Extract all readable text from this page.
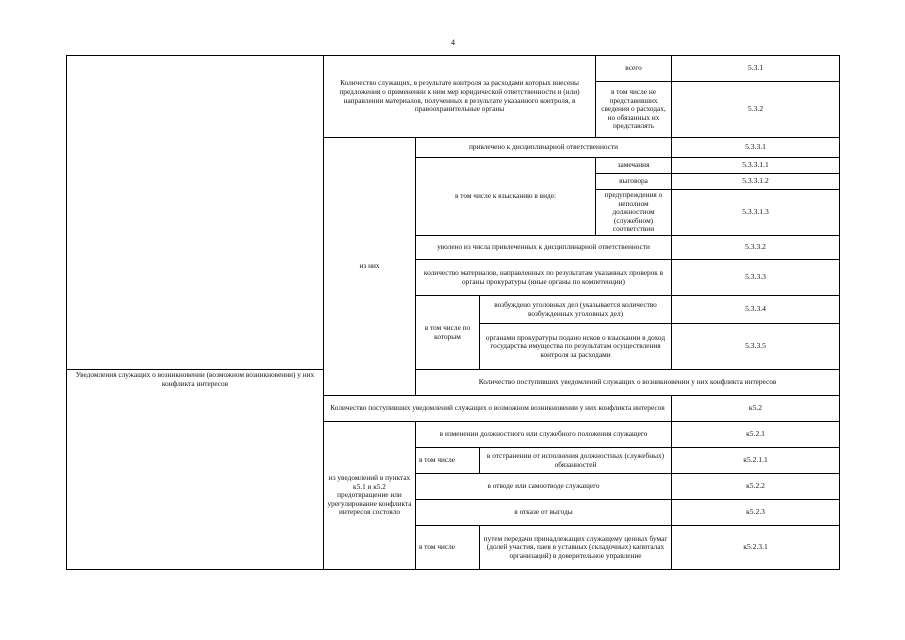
4
	Количество служащих, в результате контроля за расходами которых внесены предложения о применении к ним мер юридической ответственности и (или) направлении материалов, полученных в результате указанного контроля, в правоохранительные органы			всего	5.3.1	
				в том числе не представивших сведения о расходах, но обязанных их представлять	5.3.2	
	из них	привлечено к дисциплинарной ответственности			5.3.3.1	
		в том числе к взысканию в виде:		замечания	5.3.3.1.1	
				выговора	5.3.3.1.2	
				предупреждения о неполном должностном (служебном) соответствии	5.3.3.1.3	
		уволено из числа привлеченных к дисциплинарной ответственности			5.3.3.2	
		количество материалов, направленных по результатам указанных проверок в органы прокуратуры (иные органы по компетенции)			5.3.3.3	
		в том числе по которым	возбуждено уголовных дел (указывается количество возбужденных уголовных дел)		5.3.3.4	
			органами прокуратуры подано исков о взыскании в доход государства имущества по результатам осуществления контроля за расходами		5.3.3.5	
Уведомления служащих о возникновении (возможном возникновении) у них конфликта интересов		Количество поступивших уведомлений служащих о возникновении у них конфликта интересов		
	Количество поступивших уведомлений служащих о возможном возникновении у них конфликта интересов				к5.2	
	из уведомлений в пунктах к5.1 и к5.2 предотвращение или урегулирование конфликта интересов состояло	в изменении должностного или служебного положения служащего			к5.2.1	
		в том числе	в отстранении от исполнения должностных (служебных) обязанностей		к5.2.1.1	
		в отводе или самоотводе служащего			к5.2.2	
		в отказе от выгоды			к5.2.3	
		в том числе	путем передачи принадлежащих служащему ценных бумаг (долей участия, паев в уставных (складочных) капиталах организаций) в доверительное управление		к5.2.3.1	
